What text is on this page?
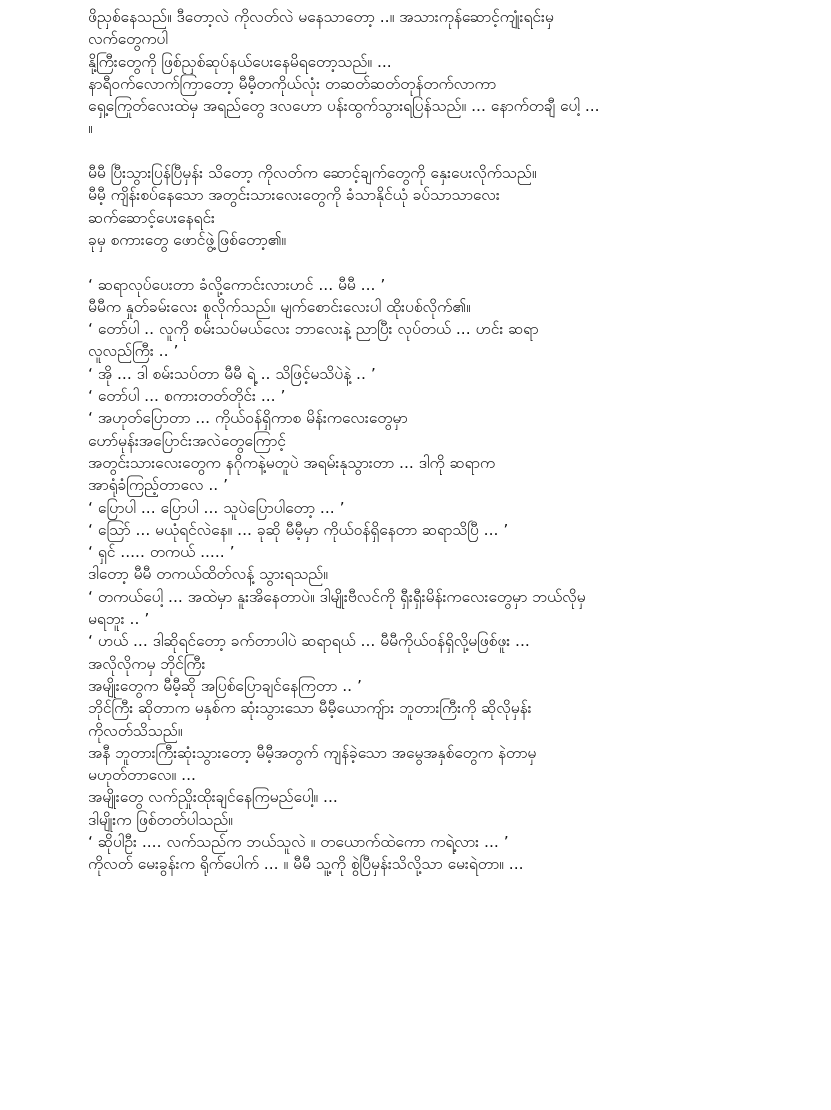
ဖိညှစ်နေသည်။ ဒီတော့လဲ ကိုလတ်လဲ မနေသာတော့ ..။ အသားကုန်ဆောင့်ကျုံးရင်းမှ
လက်တွေကပါ
နို့ကြီးတွေကို ဖြစ်ညှစ်ဆုပ်နယ်ပေးနေမိရတော့သည်။ ...
နာရီဝက်လောက်ကြာတော့ မီမီ့တကိုယ်လုံး တဆတ်ဆတ်တုန်တက်လာကာ
ရှေ့ကြေုတ်လေးထဲမှ အရည်တွေ ဒလဟော ပန်းထွက်သွားရပြန်သည်။ ... နောက်တချီ ပေါ့ ...
။
မီမီ ပြီးသွားပြန်ပြီမှန်း သိတော့ ကိုလတ်က ဆောင့်ချက်တွေကို နှေးပေးလိုက်သည်။
မီမီ့ ကျိန်းစပ်နေသော အတွင်းသားလေးတွေကို ခံသာနိုင်ယုံ ခပ်သာသာလေး
ဆက်ဆောင့်ပေးနေရင်း
ခုမှ စကားတွေ ဖောင်ဖွဲ့ဖြစ်တော့၏။
‘ ဆရာလုပ်ပေးတာ ခံလို့ကောင်းလားဟင် ... မီမီ ... ’
မီမီက နှုတ်ခမ်းလေး စူလိုက်သည်။ မျက်စောင်းလေးပါ ထိုးပစ်လိုက်၏။
‘ တော်ပါ .. လူကို စမ်းသပ်မယ်လေး ဘာလေးနဲ့ ညာပြီး လုပ်တယ် ... ဟင်း ဆရာ
လူလည်ကြီး .. ’
‘ အို ... ဒါ စမ်းသပ်တာ မီမီ ရဲ့ .. သိဖြင့်မသိပဲနဲ့ .. ’
‘ တော်ပါ ... စကားတတ်တိုင်း ... ’
‘ အဟုတ်ပြောတာ ... ကိုယ်ဝန်ရှိကာစ မိန်းကလေးတွေမှာ
ဟော်မုန်းအပြောင်းအလဲတွေကြောင့်
အတွင်းသားလေးတွေက နဂိုကနဲ့မတူပဲ အရမ်းနုသွားတာ ... ဒါကို ဆရာက
အာရုံခံကြည့်တာလေ .. ’
‘ ပြောပါ ... ပြောပါ ... သူပဲပြောပါတော့ ... ’
‘ သြော် ... မယုံရင်လဲနေ။ ... ခုဆို မီမီ့မှာ ကိုယ်ဝန်ရှိနေတာ ဆရာသိပြီ ... ’
‘ ရှင် ..... တကယ် ..... ’
ဒါတော့ မီမီ တကယ်ထိတ်လန့် သွားရသည်။
‘ တကယ်ပေါ့ ... အထဲမှာ နူးအိနေတာပဲ။ ဒါမျိုးဗီလင်ကို ရှီးရှီးမိန်းကလေးတွေမှာ ဘယ်လိုမှ
မရဘူး .. ’
‘ ဟယ် ... ဒါဆိုရင်တော့ ခက်တာပါပဲ ဆရာရယ် ... မီမီကိုယ်ဝန်ရှိလို့မဖြစ်ဖူး ...
အလိုလိုကမှ ဘိုင်ကြီး
အမျိုးတွေက မီမီ့ဆို အပြစ်ပြောချင်နေကြတာ .. ’
ဘိုင်ကြီး ဆိုတာက မနှစ်က ဆုံးသွားသော မီမီ့ယောကျ်ား ဘူတားကြီးကို ဆိုလိုမှန်း
ကိုလတ်သိသည်။
အနီ ဘူတားကြီးဆုံးသွားတော့ မီမီ့အတွက် ကျန်ခဲ့သော အမွေအနှစ်တွေက နဲတာမှ
မဟုတ်တာလေ။ ...
အမျိုးတွေ လက်ညှိုးထိုးချင်နေကြမည်ပေါ့။ ...
ဒါမျိုးက ဖြစ်တတ်ပါသည်။
‘ ဆိုပါဦး .... လက်သည်က ဘယ်သူလဲ ။ တယောက်ထဲကော ကရဲ့လား ... ’
ကိုလတ် မေးခွန်းက ရိုက်ပေါက် ... ။ မီမီ သူ့ကို စွဲပြီမှန်းသိလို့သာ မေးရဲတာ။ ...
